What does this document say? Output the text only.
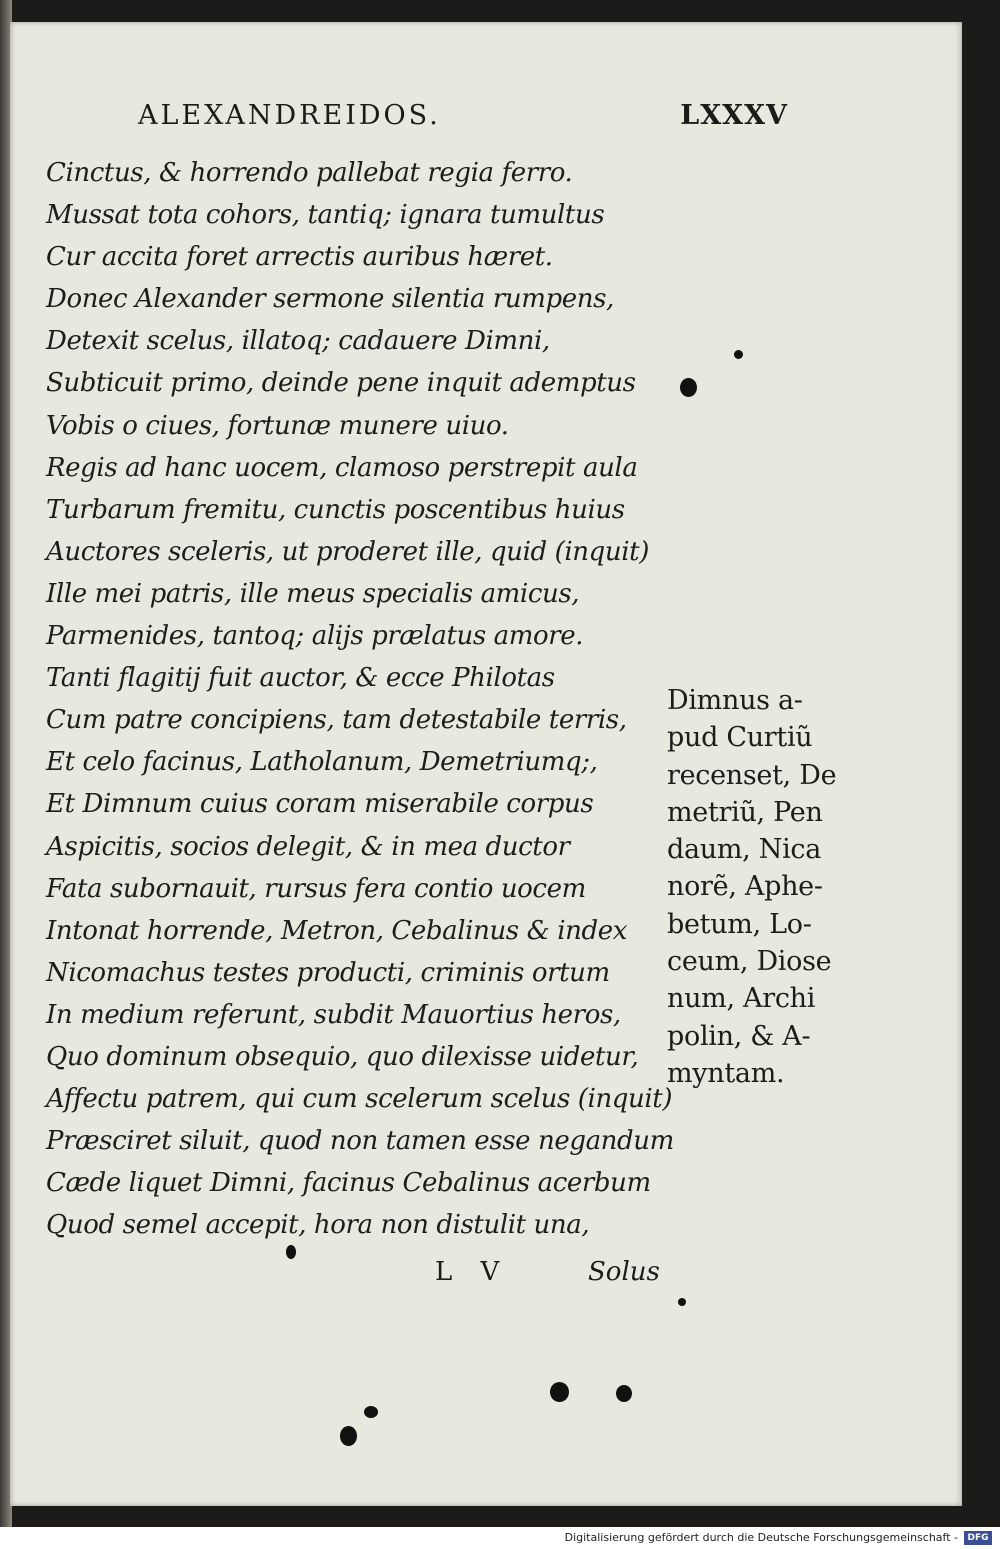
ALEXANDREIDOS.	LXXXV
Cinctus, & horrendo pallebat regia ferro.
Mussat tota cohors, tantiq; ignara tumultus
Cur accita foret arrectis auribus hæret.
Donec Alexander sermone silentia rumpens,
Detexit scelus, illatoq; cadauere Dimni,
Subticuit primo, deinde pene inquit ademptus
Vobis o ciues, fortunæ munere uiuo.
Regis ad hanc uocem, clamoso perstrepit aula
Turbarum fremitu, cunctis poscentibus huius
Auctores sceleris, ut proderet ille, quid (inquit)
Ille mei patris, ille meus specialis amicus,
Parmenides, tantoq; alijs prælatus amore.
Tanti flagitij fuit auctor, & ecce Philotas
Cum patre concipiens, tam detestabile terris,
Et celo facinus, Latholanum, Demetriumq;,
Et Dimnum cuius coram miserabile corpus
Aspicitis, socios delegit, & in mea ductor
Fata subornauit, rursus fera contio uocem
Intonat horrende, Metron, Cebalinus & index
Nicomachus testes producti, criminis ortum
In medium referunt, subdit Mauortius heros,
Quo dominum obsequio, quo dilexisse uidetur,
Affectu patrem, qui cum scelerum scelus (inquit)
Præsciret siluit, quod non tamen esse negandum
Cæde liquet Dimni, facinus Cebalinus acerbum
Quod semel accepit, hora non distulit una,
Dimnus a-
pud Curtiũ
recenset, De
metriũ, Pen
daum, Nica
norẽ, Aphe-
betum, Lo-
ceum, Diose
num, Archi
polin, & A-
myntam.
L V	Solus
Digitalisierung gefördert durch die Deutsche Forschungsgemeinschaft -	DFG
